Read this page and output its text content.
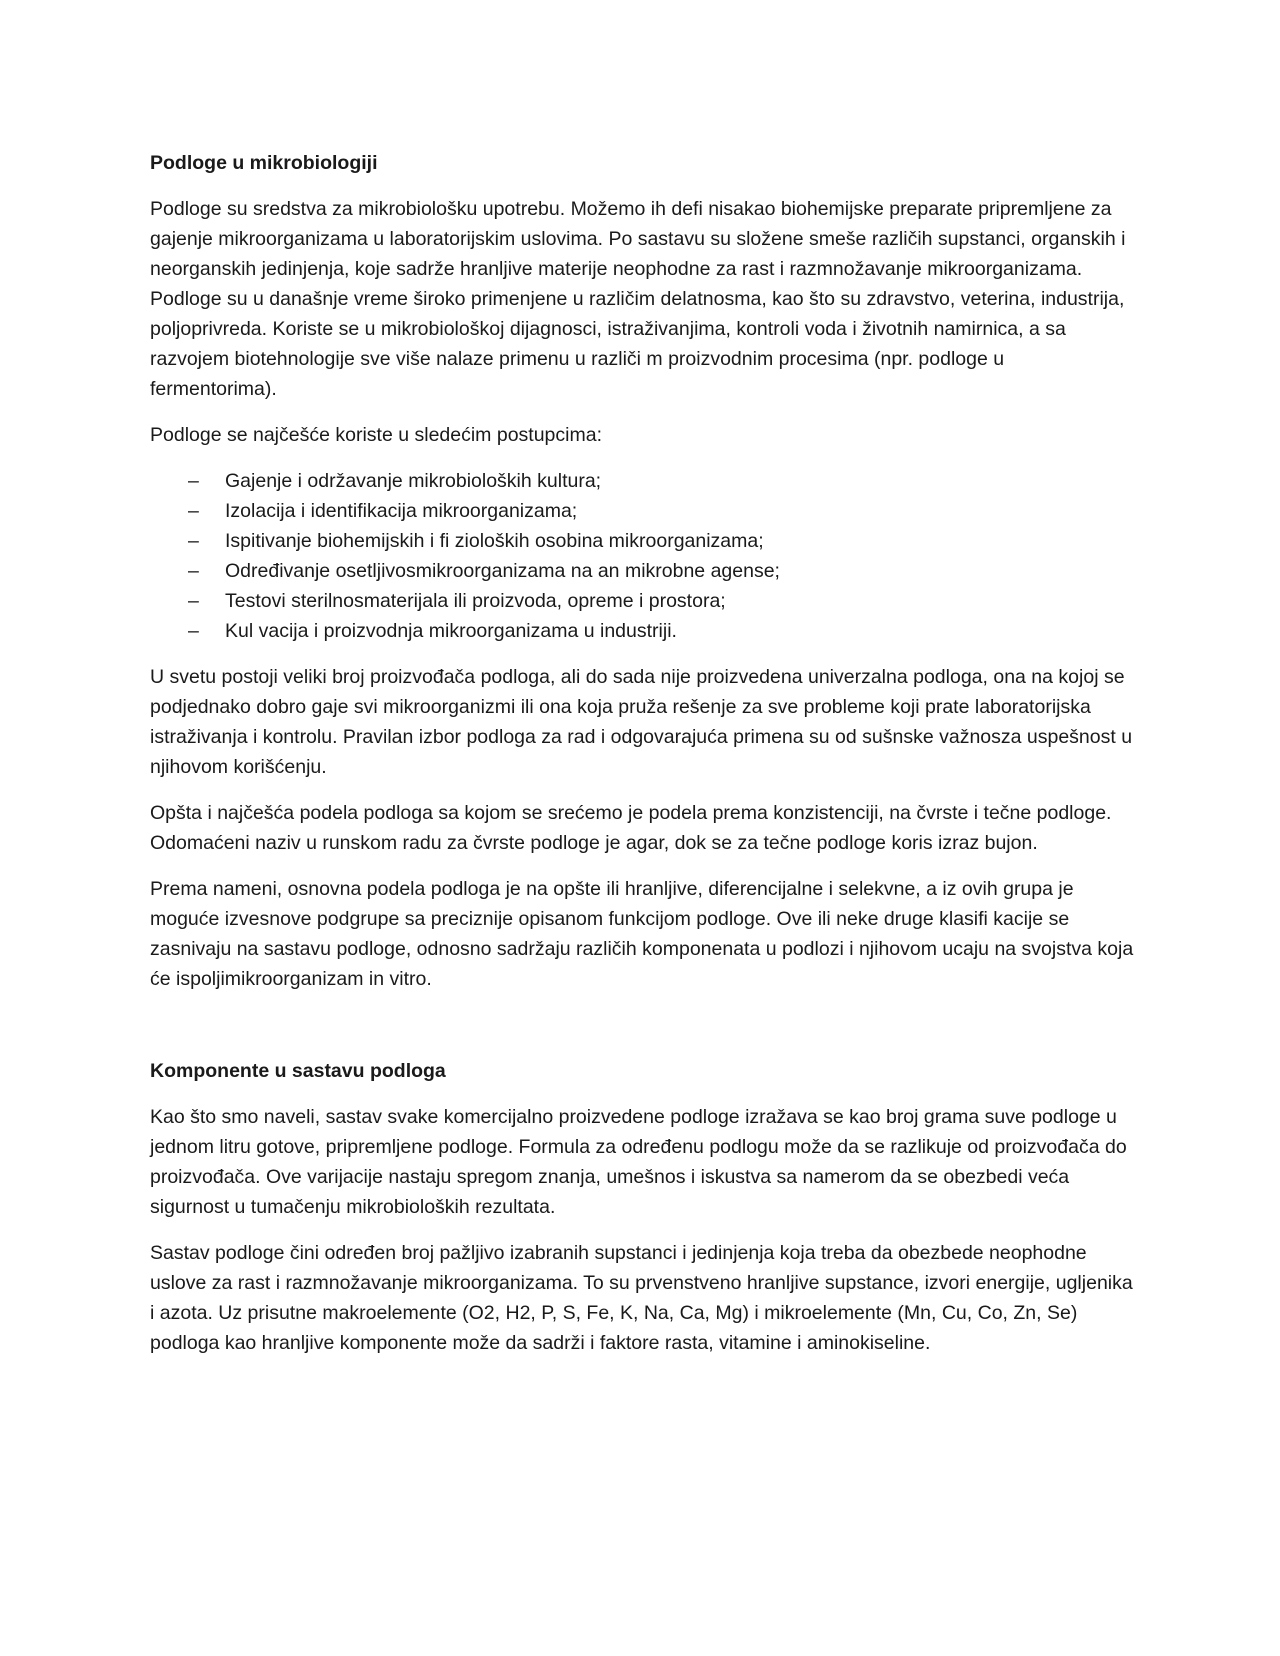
Podloge u mikrobiologiji

Podloge su sredstva za mikrobiološku upotrebu. Možemo ih defi nisakao biohemijske preparate pripremljene za gajenje mikroorganizama u laboratorijskim uslovima. Po sastavu su složene smeše različih supstanci, organskih i neorganskih jedinjenja, koje sadrže hranljive materije neophodne za rast i razmnožavanje mikroorganizama. Podloge su u današnje vreme široko primenjene u različim delatnosma, kao što su zdravstvo, veterina, industrija, poljoprivreda. Koriste se u mikrobiološkoj dijagnosci, istraživanjima, kontroli voda i životnih namirnica, a sa razvojem biotehnologije sve više nalaze primenu u različi m proizvodnim procesima (npr. podloge u fermentorima).

Podloge se najčešće koriste u sledećim postupcima:

– Gajenje i održavanje mikrobioloških kultura;
– Izolacija i identifikacija mikroorganizama;
– Ispitivanje biohemijskih i fi zioloških osobina mikroorganizama;
– Određivanje osetljivosmikroorganizama na an mikrobne agense;
– Testovi sterilnosmaterijala ili proizvoda, opreme i prostora;
– Kul vacija i proizvodnja mikroorganizama u industriji.

U svetu postoji veliki broj proizvođača podloga, ali do sada nije proizvedena univerzalna podloga, ona na kojoj se podjednako dobro gaje svi mikroorganizmi ili ona koja pruža rešenje za sve probleme koji prate laboratorijska istraživanja i kontrolu. Pravilan izbor podloga za rad i odgovarajuća primena su od sušnske važnosza uspešnost u njihovom korišćenju.

Opšta i najčešća podela podloga sa kojom se srećemo je podela prema konzistenciji, na čvrste i tečne podloge. Odomaćeni naziv u runskom radu za čvrste podloge je agar, dok se za tečne podloge koris izraz bujon.

Prema nameni, osnovna podela podloga je na opšte ili hranljive, diferencijalne i selekvne, a iz ovih grupa je moguće izvesnove podgrupe sa preciznije opisanom funkcijom podloge. Ove ili neke druge klasifi kacije se zasnivaju na sastavu podloge, odnosno sadržaju različih komponenata u podlozi i njihovom ucaju na svojstva koja će ispoljimikroorganizam in vitro.

Komponente u sastavu podloga

Kao što smo naveli, sastav svake komercijalno proizvedene podloge izražava se kao broj grama suve podloge u jednom litru gotove, pripremljene podloge. Formula za određenu podlogu može da se razlikuje od proizvođača do proizvođača. Ove varijacije nastaju spregom znanja, umešnos i iskustva sa namerom da se obezbedi veća sigurnost u tumačenju mikrobioloških rezultata.

Sastav podloge čini određen broj pažljivo izabranih supstanci i jedinjenja koja treba da obezbede neophodne uslove za rast i razmnožavanje mikroorganizama. To su prvenstveno hranljive supstance, izvori energije, ugljenika i azota. Uz prisutne makroelemente (O2, H2, P, S, Fe, K, Na, Ca, Mg) i mikroelemente (Mn, Cu, Co, Zn, Se) podloga kao hranljive komponente može da sadrži i faktore rasta, vitamine i aminokiseline.
